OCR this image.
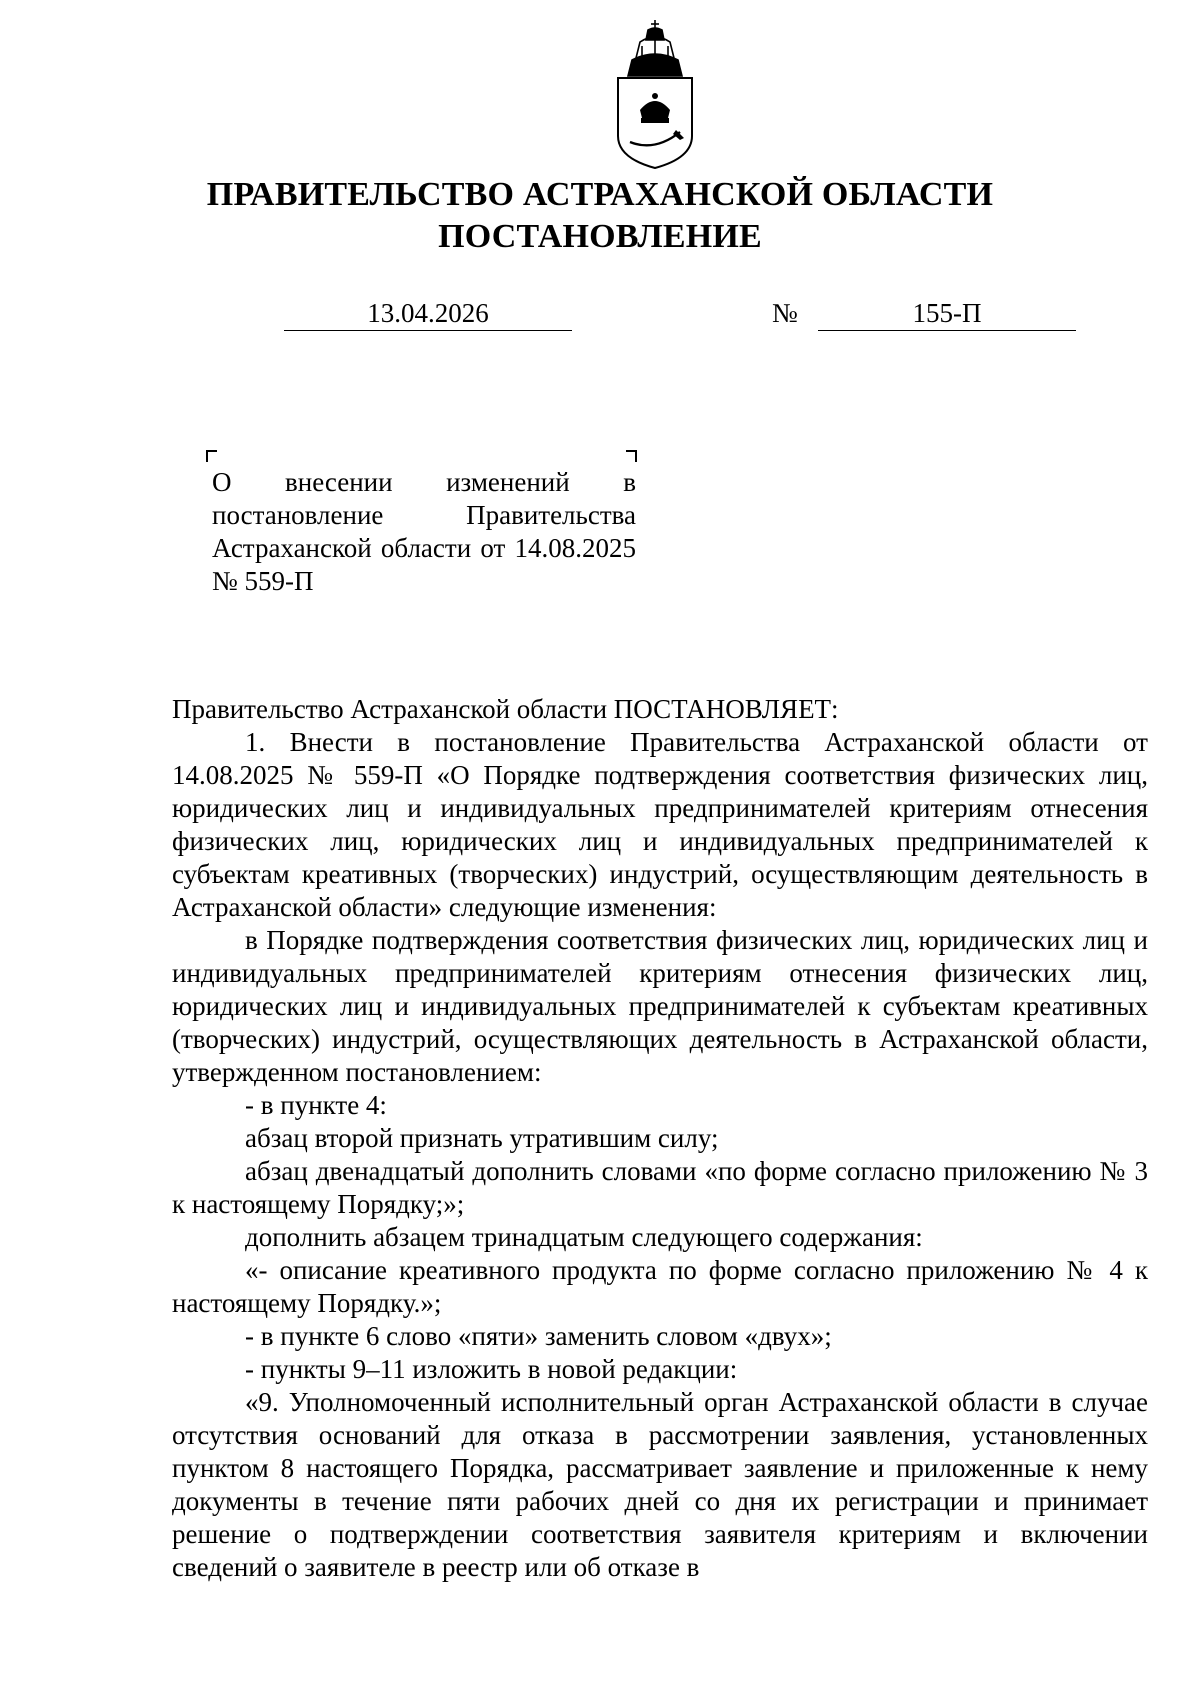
ПРАВИТЕЛЬСТВО АСТРАХАНСКОЙ ОБЛАСТИ
ПОСТАНОВЛЕНИЕ
13.04.2026	№	155-П
О внесении изменений в постановление Правительства Астраханской области от 14.08.2025 № 559-П

Правительство Астраханской области ПОСТАНОВЛЯЕТ:

1. Внести в постановление Правительства Астраханской области от 14.08.2025 № 559-П «О Порядке подтверждения соответствия физических лиц, юридических лиц и индивидуальных предпринимателей критериям отнесения физических лиц, юридических лиц и индивидуальных предпринимателей к субъектам креативных (творческих) индустрий, осуществляющим деятельность в Астраханской области» следующие изменения:

в Порядке подтверждения соответствия физических лиц, юридических лиц и индивидуальных предпринимателей критериям отнесения физических лиц, юридических лиц и индивидуальных предпринимателей к субъектам креативных (творческих) индустрий, осуществляющих деятельность в Астраханской области, утвержденном постановлением:

- в пункте 4:

абзац второй признать утратившим силу;

абзац двенадцатый дополнить словами «по форме согласно приложению № 3 к настоящему Порядку;»;

дополнить абзацем тринадцатым следующего содержания:

«- описание креативного продукта по форме согласно приложению № 4 к настоящему Порядку.»;

- в пункте 6 слово «пяти» заменить словом «двух»;

- пункты 9–11 изложить в новой редакции:

«9. Уполномоченный исполнительный орган Астраханской области в случае отсутствия оснований для отказа в рассмотрении заявления, установленных пунктом 8 настоящего Порядка, рассматривает заявление и приложенные к нему документы в течение пяти рабочих дней со дня их регистрации и принимает решение о подтверждении соответствия заявителя критериям и включении сведений о заявителе в реестр или об отказе в
